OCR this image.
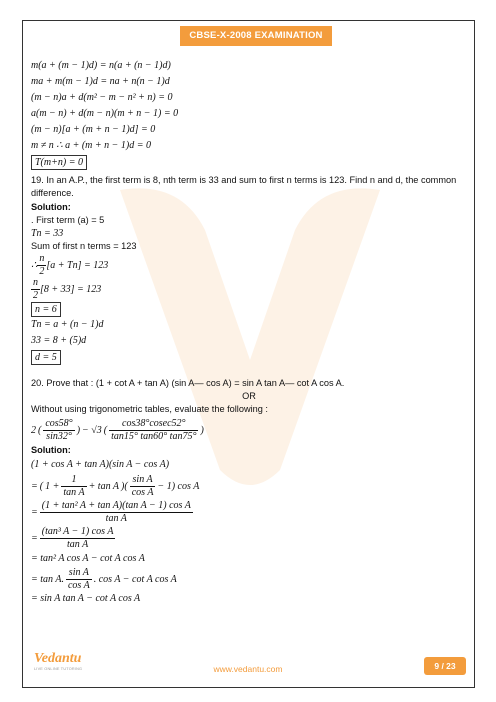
CBSE-X-2008 EXAMINATION
m(a + (m − 1)d) = n(a + (n − 1)d)
ma + m(m − 1)d = na + n(n − 1)d
(m − n)a + d(m² − m − n² + n) = 0
a(m − n) + d(m − n)(m + n − 1) = 0
(m − n)[a + (m + n − 1)d] = 0
m ≠ n ∴ a + (m + n − 1)d = 0
T(m+n) = 0
19. In an A.P., the first term is 8, nth term is 33 and sum to first n terms is 123. Find n and d, the common difference.
Solution:
. First term (a) = 5
Tn = 33
Sum of first n terms = 123
∴ $\frac{n}{2} [a + Tn] = 123$
$\frac{n}{2} [8 + 33] = 123$
n = 6
Tn = a + (n − 1)d
33 = 8 + (5)d
d = 5
20. Prove that : (1 + cot A + tan A) (sin A— cos A) = sin A tan A— cot A cos A.
OR
Without using trigonometric tables, evaluate the following :
2 ( $\frac{\cos 58^\circ}{\sin 32^\circ}$ ) − √3 ( $\frac{\cos 38^\circ cosec52^\circ}{\tan 15^\circ \tan 60^\circ \tan 75^\circ}$ )
Solution:
(1 + cos A + tan A)(sin A − cos A)
= ( $1 + \frac{1}{\text{tan A}} + \tan A$ )( $\frac{\text{sin A}}{\text{cos A}} - 1$) cos A
= $\frac{\text{(1 + tan² A + tan A)(tan A − 1) cos A}}{\text{tan A}}$
= $\frac{\text{(tan³ A − 1) cos A}}{\text{tan A}}$
= tan² A cos A − cot A cos A
= tan A. $\frac{\text{sin A}}{\text{cos A}}$ . cos A − cot A cos A
= sin A tan A − cot A cos A
Vedantu
LIVE ONLINE TUTORING	www.vedantu.com	9 / 23
